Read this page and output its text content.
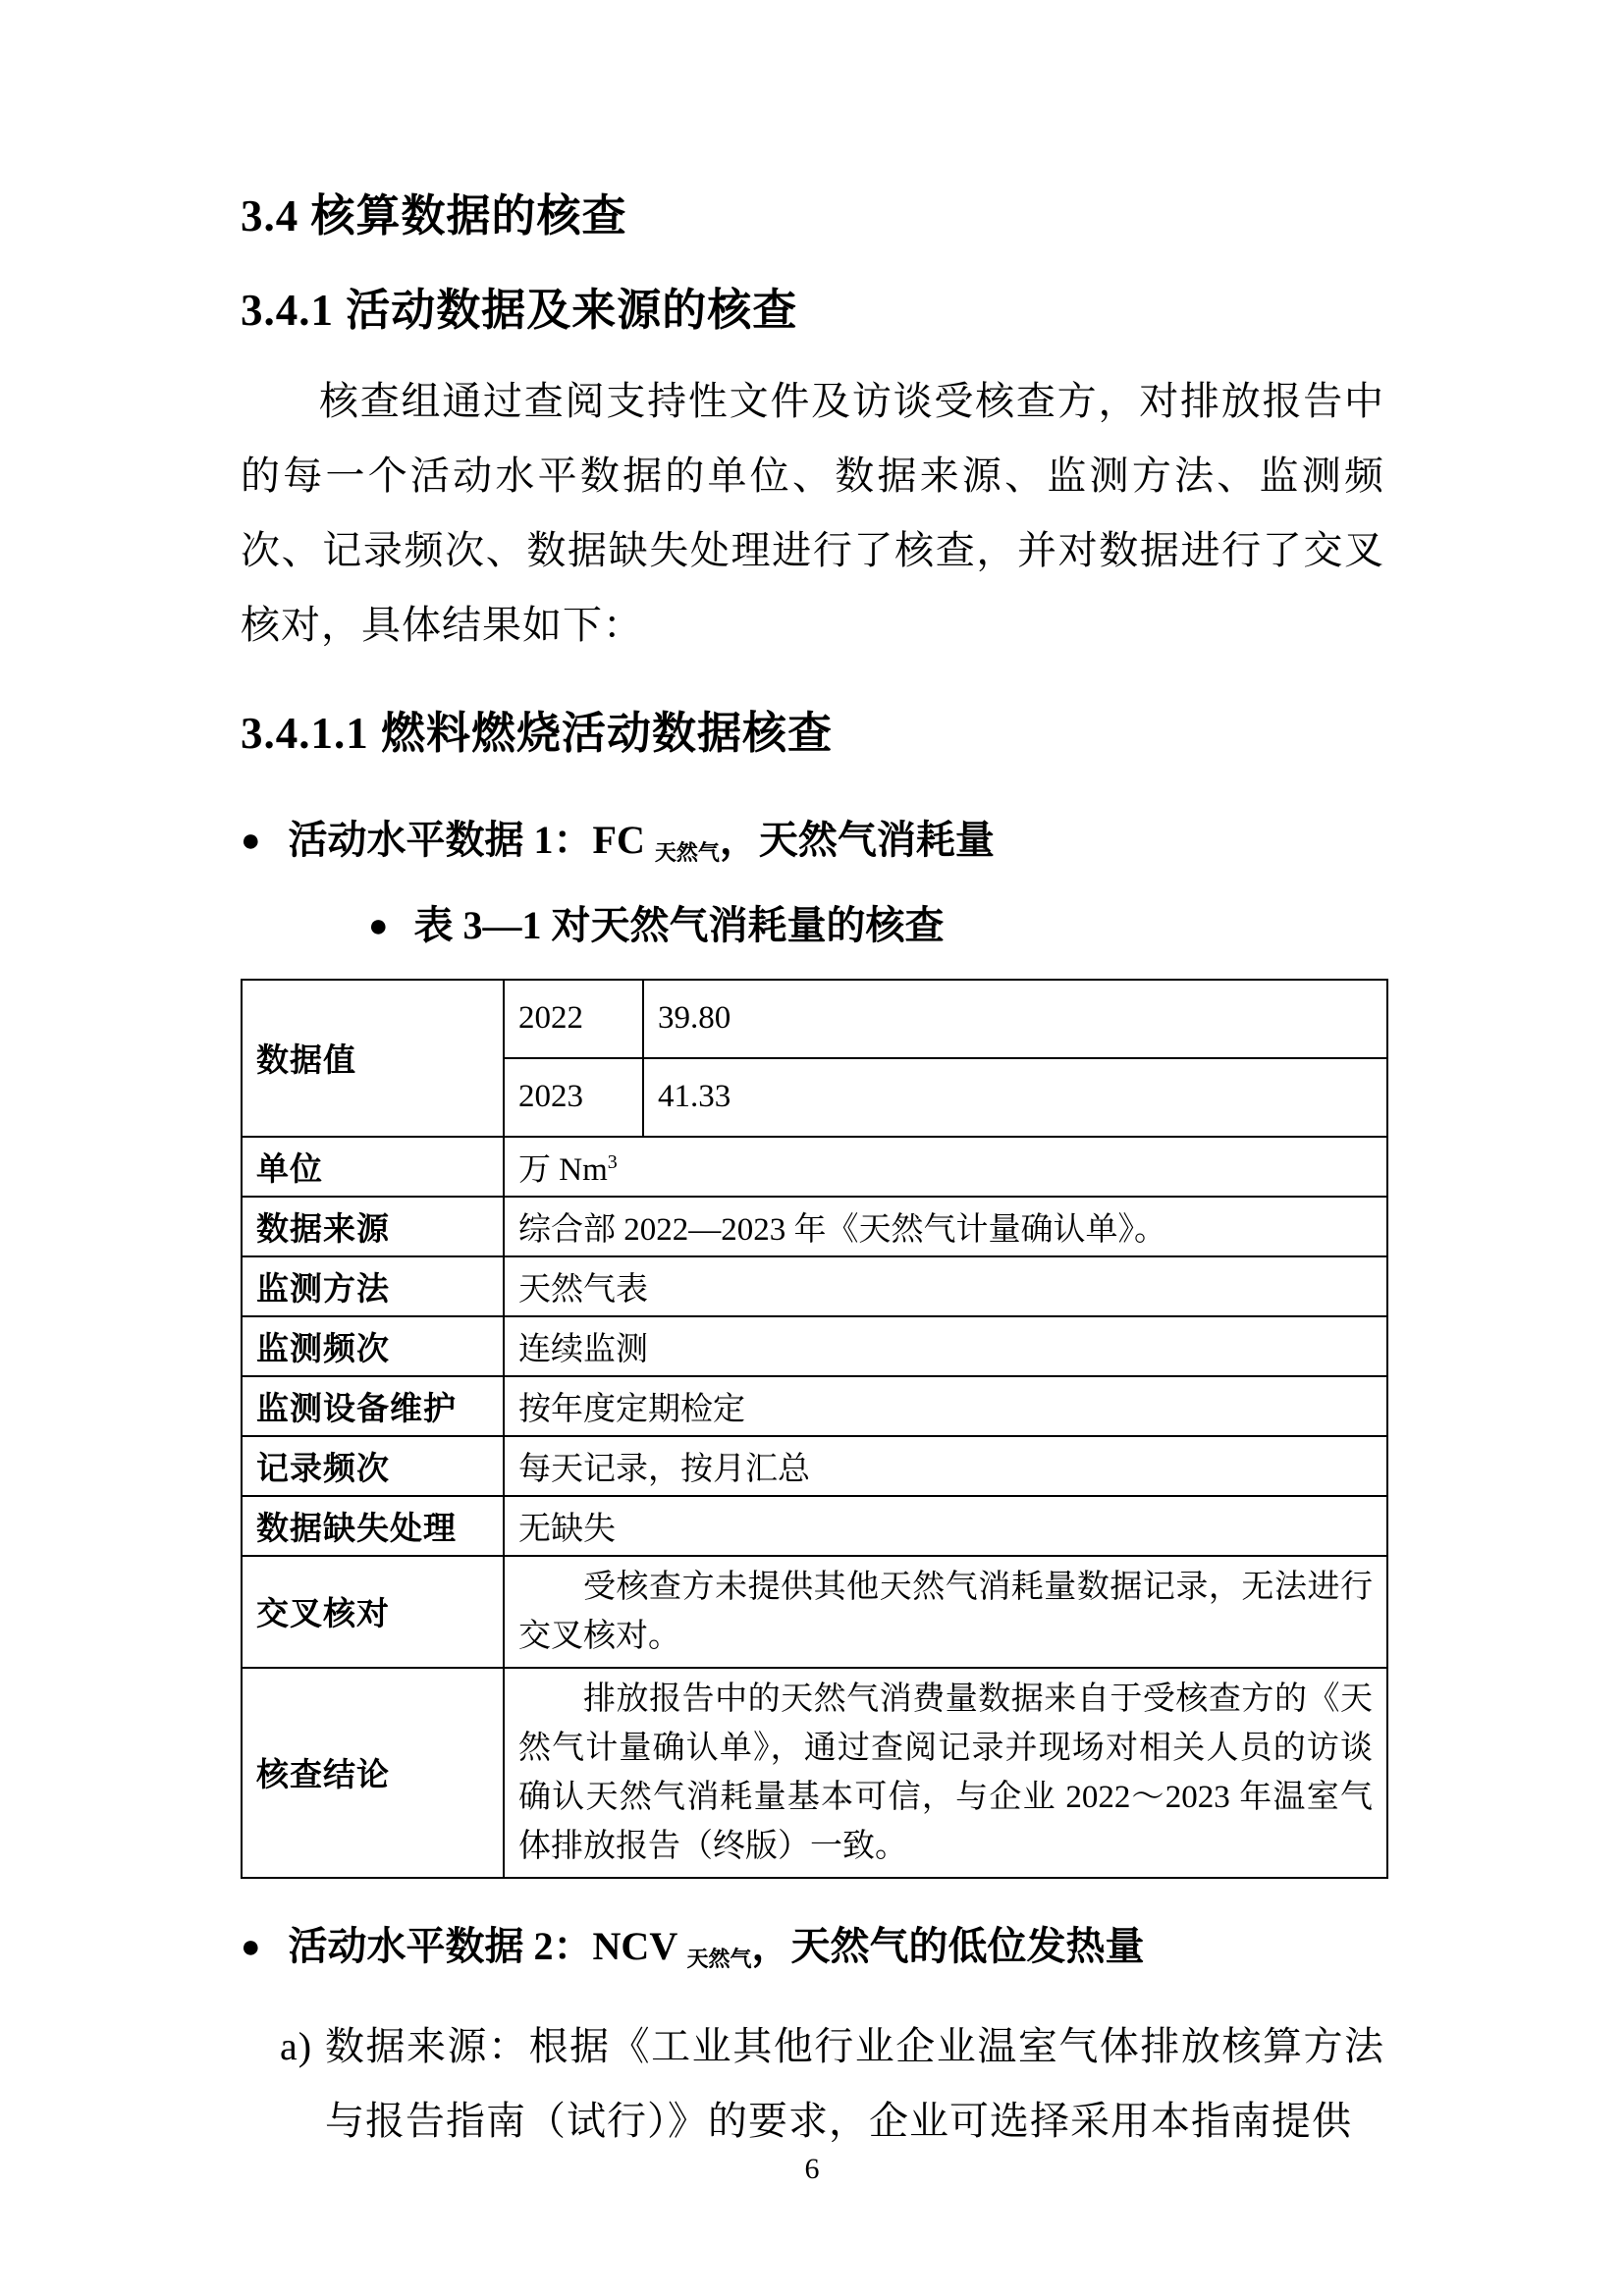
3.4 核算数据的核查
3.4.1 活动数据及来源的核查
核查组通过查阅支持性文件及访谈受核查方，对排放报告中的每一个活动水平数据的单位、数据来源、监测方法、监测频次、记录频次、数据缺失处理进行了核查，并对数据进行了交叉核对，具体结果如下：
3.4.1.1 燃料燃烧活动数据核查
● 活动水平数据 1：FC $_{天然气}$，天然气消耗量
● 表 3—1 对天然气消耗量的核查
数据值	2022	39.80
	2023	41.33
单位	万 Nm$^3$
数据来源	综合部 2022—2023 年《天然气计量确认单》。	
监测方法	天然气表	
监测频次	连续监测	
监测设备维护	按年度定期检定	
记录频次	每天记录，按月汇总	
数据缺失处理	无缺失	
交叉核对	受核查方未提供其他天然气消耗量数据记录，无法进行交叉核对。	
核查结论	排放报告中的天然气消费量数据来自于受核查方的《天然气计量确认单》，通过查阅记录并现场对相关人员的访谈确认天然气消耗量基本可信，与企业 2022～2023 年温室气体排放报告（终版）一致。	
● 活动水平数据 2：NCV $_{天然气}$，天然气的低位发热量
a) 数据来源：根据《工业其他行业企业温室气体排放核算方法与报告指南（试行）》的要求，企业可选择采用本指南提供
6
